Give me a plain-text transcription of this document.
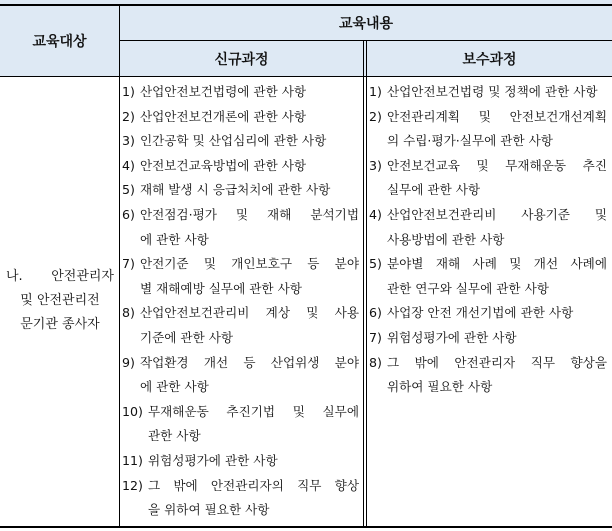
교육대상
교육내용
신규과정	보수과정
나. 안전관리자
및 안전관리전
문기관 종사자
1) 산업안전보건법령에 관한 사항
2) 산업안전보건개론에 관한 사항
3) 인간공학 및 산업심리에 관한 사항
4) 안전보건교육방법에 관한 사항
5) 재해 발생 시 응급처치에 관한 사항
6) 안전점검·평가 및 재해 분석기법
에 관한 사항
7) 안전기준 및 개인보호구 등 분야
별 재해예방 실무에 관한 사항
8) 산업안전보건관리비 계상 및 사용
기준에 관한 사항
9) 작업환경 개선 등 산업위생 분야
에 관한 사항
10) 무재해운동 추진기법 및 실무에
관한 사항
11) 위험성평가에 관한 사항
12) 그 밖에 안전관리자의 직무 향상
을 위하여 필요한 사항
1) 산업안전보건법령 및 정책에 관한 사항
2) 안전관리계획 및 안전보건개선계획
의 수립·평가·실무에 관한 사항
3) 안전보건교육 및 무재해운동 추진
실무에 관한 사항
4) 산업안전보건관리비 사용기준 및
사용방법에 관한 사항
5) 분야별 재해 사례 및 개선 사례에
관한 연구와 실무에 관한 사항
6) 사업장 안전 개선기법에 관한 사항
7) 위험성평가에 관한 사항
8) 그 밖에 안전관리자 직무 향상을
위하여 필요한 사항
